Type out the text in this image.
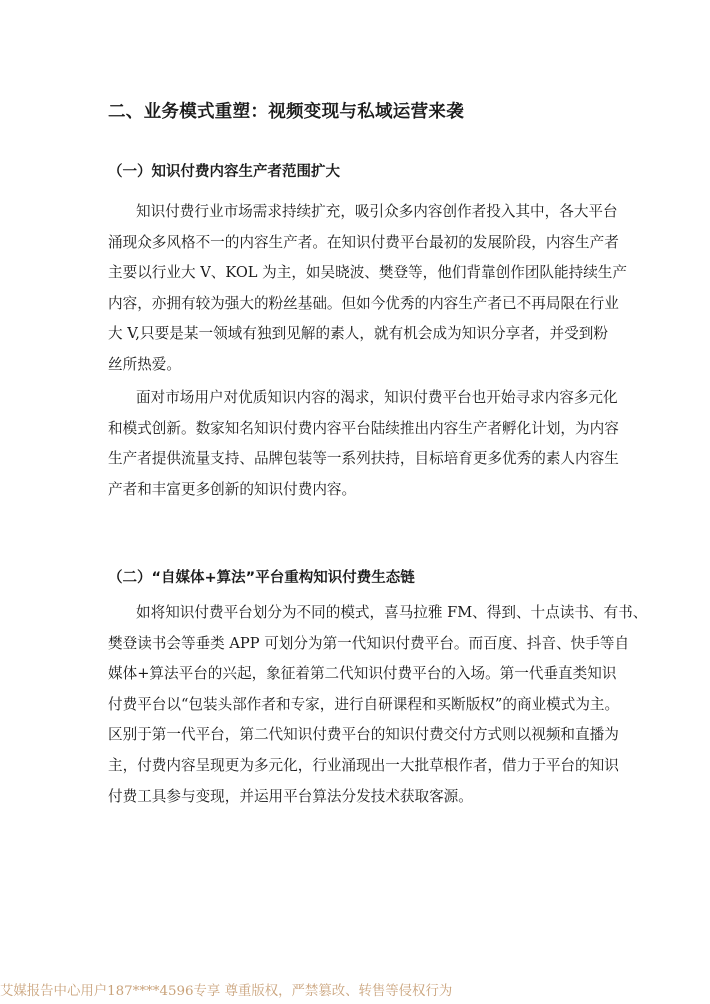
二、业务模式重塑：视频变现与私域运营来袭
（一）知识付费内容生产者范围扩大
知识付费行业市场需求持续扩充，吸引众多内容创作者投入其中，各大平台
涌现众多风格不一的内容生产者。在知识付费平台最初的发展阶段，内容生产者
主要以行业大 V、KOL 为主，如吴晓波、樊登等，他们背靠创作团队能持续生产
内容，亦拥有较为强大的粉丝基础。但如今优秀的内容生产者已不再局限在行业
大 V,只要是某一领域有独到见解的素人，就有机会成为知识分享者，并受到粉
丝所热爱。
面对市场用户对优质知识内容的渴求，知识付费平台也开始寻求内容多元化
和模式创新。数家知名知识付费内容平台陆续推出内容生产者孵化计划，为内容
生产者提供流量支持、品牌包装等一系列扶持，目标培育更多优秀的素人内容生
产者和丰富更多创新的知识付费内容。
（二）“自媒体+算法”平台重构知识付费生态链
如将知识付费平台划分为不同的模式，喜马拉雅 FM、得到、十点读书、有书、
樊登读书会等垂类 APP 可划分为第一代知识付费平台。而百度、抖音、快手等自
媒体+算法平台的兴起，象征着第二代知识付费平台的入场。第一代垂直类知识
付费平台以“包装头部作者和专家，进行自研课程和买断版权”的商业模式为主。
区别于第一代平台，第二代知识付费平台的知识付费交付方式则以视频和直播为
主，付费内容呈现更为多元化，行业涌现出一大批草根作者，借力于平台的知识
付费工具参与变现，并运用平台算法分发技术获取客源。
艾媒报告中心用户187****4596专享 尊重版权，严禁篡改、转售等侵权行为
